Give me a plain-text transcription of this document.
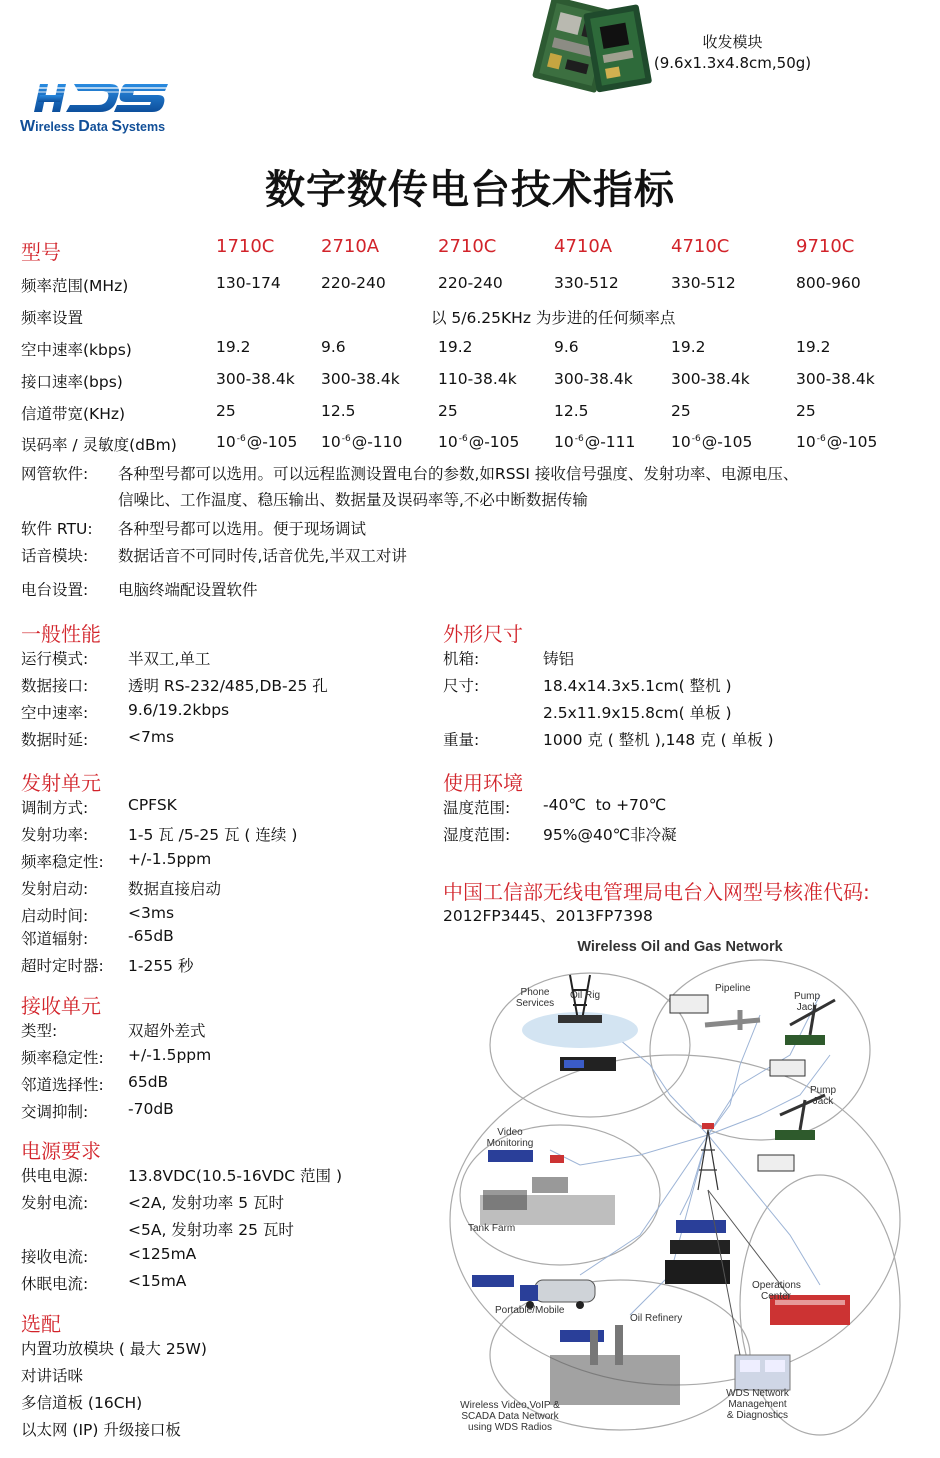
Wireless Data Systems
收发模块
(9.6x1.3x4.8cm,50g)
数字数传电台技术指标
型号	1710C	2710A	2710C	4710A	4710C	9710C
频率范围(MHz)	130-174	220-240	220-240	330-512	330-512	800-960
频率设置	以 5/6.25KHz 为步进的任何频率点
空中速率(kbps)	19.2	9.6	19.2	9.6	19.2	19.2
接口速率(bps)	300-38.4k 300-38.4k 110-38.4k 300-38.4k 300-38.4k	300-38.4k
信道带宽(KHz)	25	12.5	25	12.5	25	25
误码率 / 灵敏度(dBm)	$10^{-6}@-105$ $10^{-6}@-110$ $10^{-6}@-105$ $10^{-6}@-111$ $10^{-6}@-105$	$10^{-6}@-105$
网管软件: 各种型号都可以选用。可以远程监测设置电台的参数,如RSSI 接收信号强度、发射功率、电源电压、
信噪比、工作温度、稳压输出、数据量及误码率等,不必中断数据传输
软件 RTU: 各种型号都可以选用。便于现场调试
话音模块: 数据话音不可同时传,话音优先,半双工对讲
电台设置: 电脑终端配设置软件
一般性能
运行模式:	半双工,单工
数据接口:	透明 RS-232/485,DB-25 孔
空中速率:	9.6/19.2kbps
数据时延:	<7ms
发射单元
调制方式:	CPFSK
发射功率:	1-5 瓦 /5-25 瓦 ( 连续 )
频率稳定性: +/-1.5ppm
发射启动:	数据直接启动
启动时间:	<3ms
邻道辐射:	-65dB
超时定时器: 1-255 秒
接收单元
类型:	双超外差式
频率稳定性: +/-1.5ppm
邻道选择性: 65dB
交调抑制:	-70dB
电源要求
供电电源:	13.8VDC(10.5-16VDC 范围 )
发射电流:	<2A, 发射功率 5 瓦时
<5A, 发射功率 25 瓦时
接收电流:	<125mA
休眠电流:	<15mA
选配
内置功放模块 ( 最大 25W)
对讲话咪
多信道板 (16CH)
以太网 (IP) 升级接口板
外形尺寸
机箱:	铸铝
尺寸:	18.4x14.3x5.1cm( 整机 )
2.5x11.9x15.8cm( 单板 )
重量:	1000 克 ( 整机 ),148 克 ( 单板 )
使用环境
温度范围: -40℃  to +70℃
湿度范围: 95%@40℃非冷凝
中国工信部无线电管理局电台入网型号核准代码:
2012FP3445、2013FP7398
Wireless Oil and Gas Network
Phone Services
Oil Rig
Pipeline
Pump Jack
Pump Jack
Video Monitoring
Tank Farm
Operations Center
Portable/Mobile
Oil Refinery
WDS Network Management & Diagnostics
Wireless Video,VoIP & SCADA Data Network using WDS Radios
